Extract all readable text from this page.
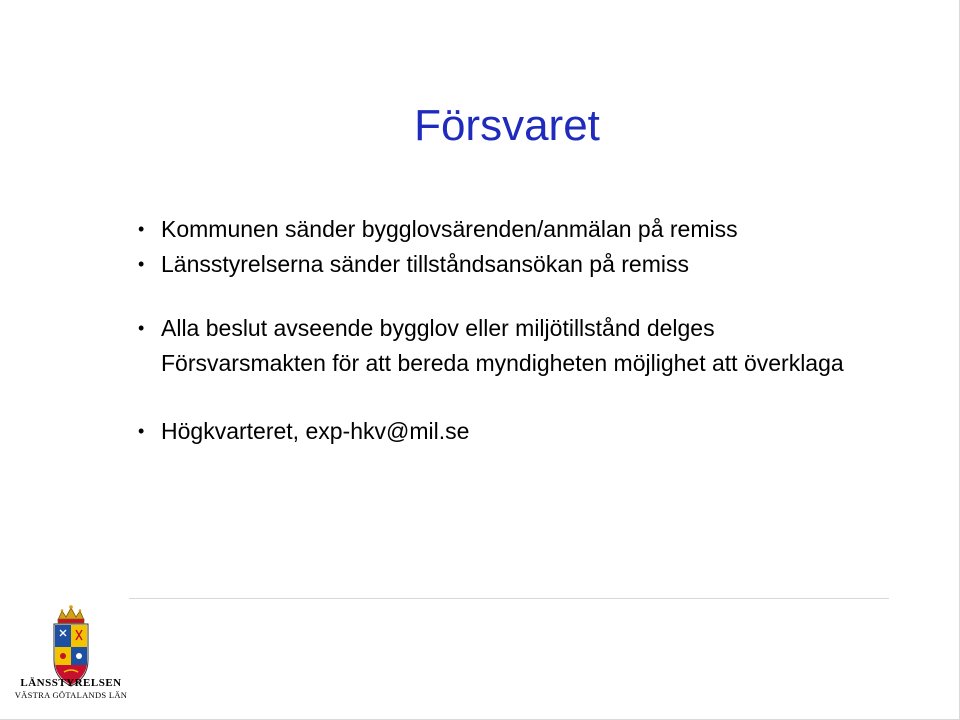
Försvaret
• Kommunen sänder bygglovsärenden/anmälan på remiss
• Länsstyrelserna sänder tillståndsansökan på remiss
• Alla beslut avseende bygglov eller miljötillstånd delges Försvarsmakten för att bereda myndigheten möjlighet att överklaga
• Högkvarteret, exp-hkv@mil.se
LÄNSSTYRELSEN
VÄSTRA GÖTALANDS LÄN
